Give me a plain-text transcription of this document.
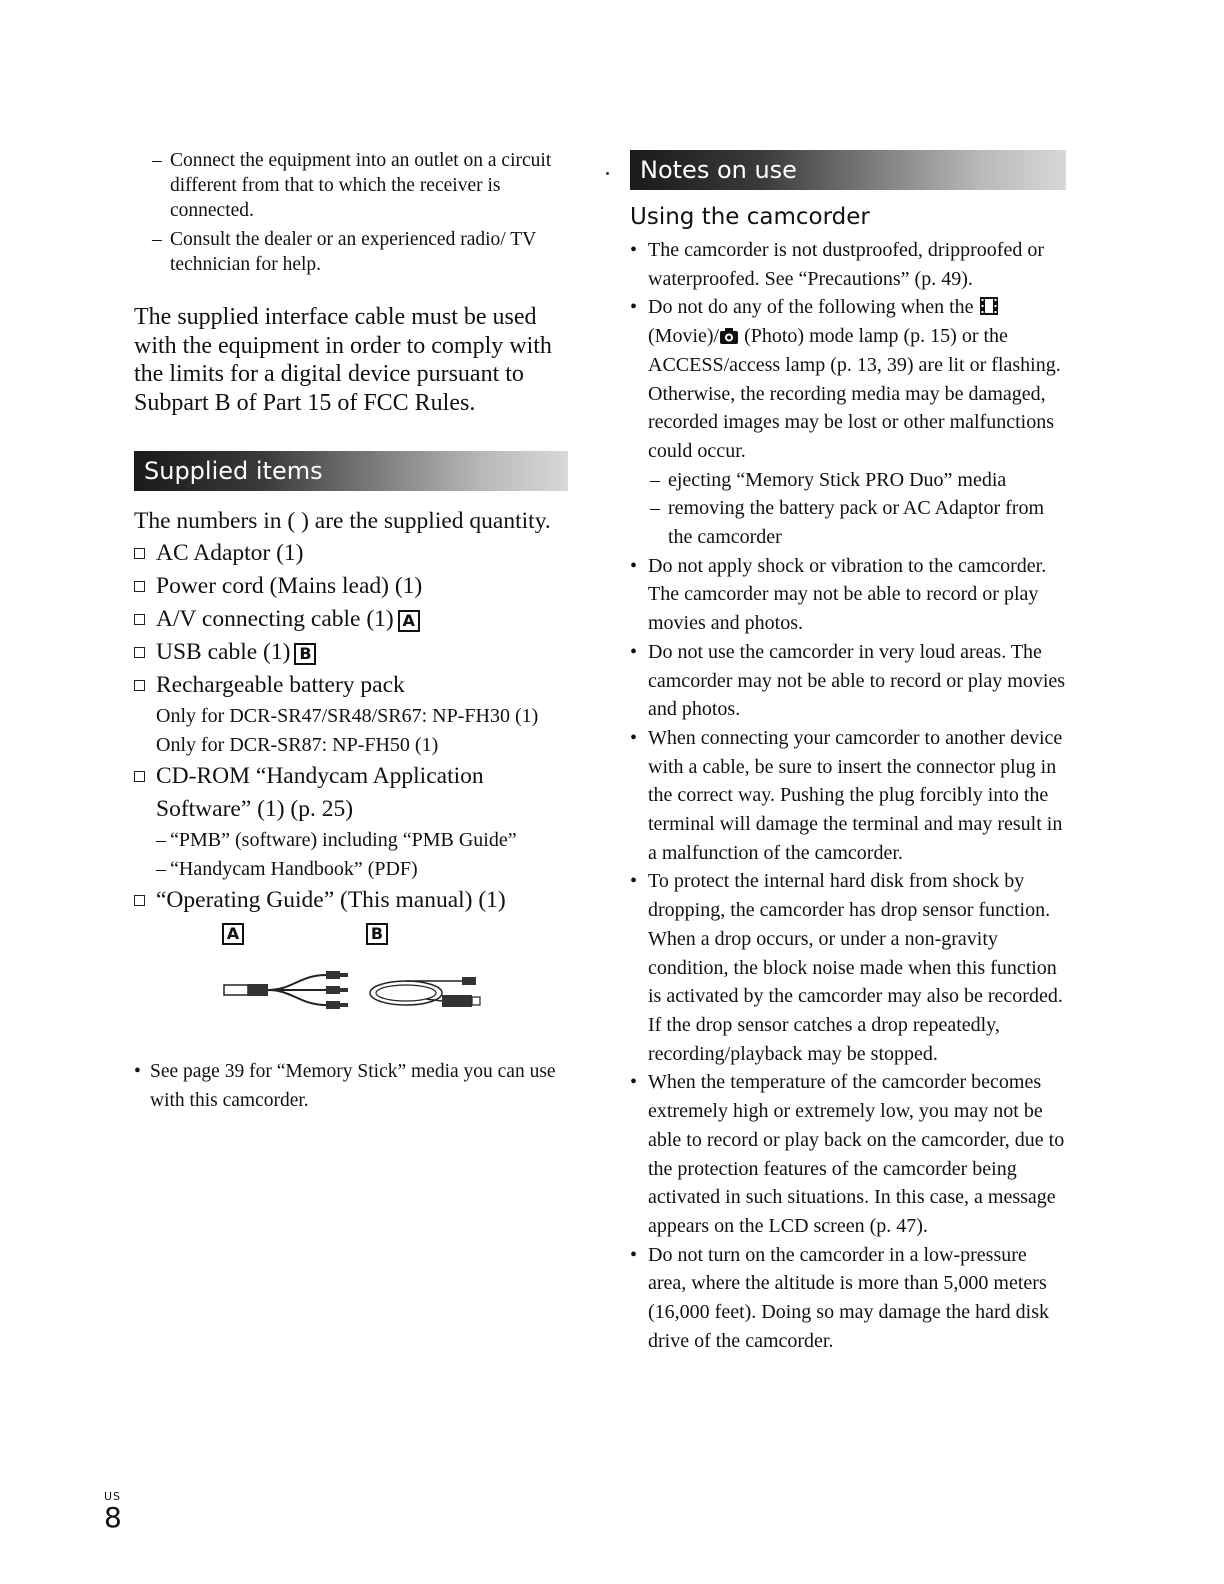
– Connect the equipment into an outlet on a circuit different from that to which the receiver is connected.
– Consult the dealer or an experienced radio/ TV technician for help.

The supplied interface cable must be used with the equipment in order to comply with the limits for a digital device pursuant to Subpart B of Part 15 of FCC Rules.

Supplied items

The numbers in ( ) are the supplied quantity.

AC Adaptor (1)
Power cord (Mains lead) (1)
A/V connecting cable (1) A
USB cable (1) B
Rechargeable battery pack
Only for DCR-SR47/SR48/SR67: NP-FH30 (1)
Only for DCR-SR87: NP-FH50 (1)
CD-ROM “Handycam Application
Software” (1) (p. 25)
– “PMB” (software) including “PMB Guide”
– “Handycam Handbook” (PDF)
“Operating Guide” (This manual) (1)
A	B
• See page 39 for “Memory Stick” media you can use with this camcorder.
Notes on use
Using the camcorder
• The camcorder is not dustproofed, dripproofed or waterproofed. See “Precautions” (p. 49).
• Do not do any of the following when the  (Movie)/ (Photo) mode lamp (p. 15) or the ACCESS/access lamp (p. 13, 39) are lit or flashing. Otherwise, the recording media may be damaged, recorded images may be lost or other malfunctions could occur.
– ejecting “Memory Stick PRO Duo” media
– removing the battery pack or AC Adaptor from the camcorder
• Do not apply shock or vibration to the camcorder. The camcorder may not be able to record or play movies and photos.
• Do not use the camcorder in very loud areas. The camcorder may not be able to record or play movies and photos.
• When connecting your camcorder to another device with a cable, be sure to insert the connector plug in the correct way. Pushing the plug forcibly into the terminal will damage the terminal and may result in a malfunction of the camcorder.
• To protect the internal hard disk from shock by dropping, the camcorder has drop sensor function. When a drop occurs, or under a non-gravity condition, the block noise made when this function is activated by the camcorder may also be recorded. If the drop sensor catches a drop repeatedly, recording/playback may be stopped.
• When the temperature of the camcorder becomes extremely high or extremely low, you may not be able to record or play back on the camcorder, due to the protection features of the camcorder being activated in such situations. In this case, a message appears on the LCD screen (p. 47).
• Do not turn on the camcorder in a low-pressure area, where the altitude is more than 5,000 meters (16,000 feet). Doing so may damage the hard disk drive of the camcorder.
US
8
